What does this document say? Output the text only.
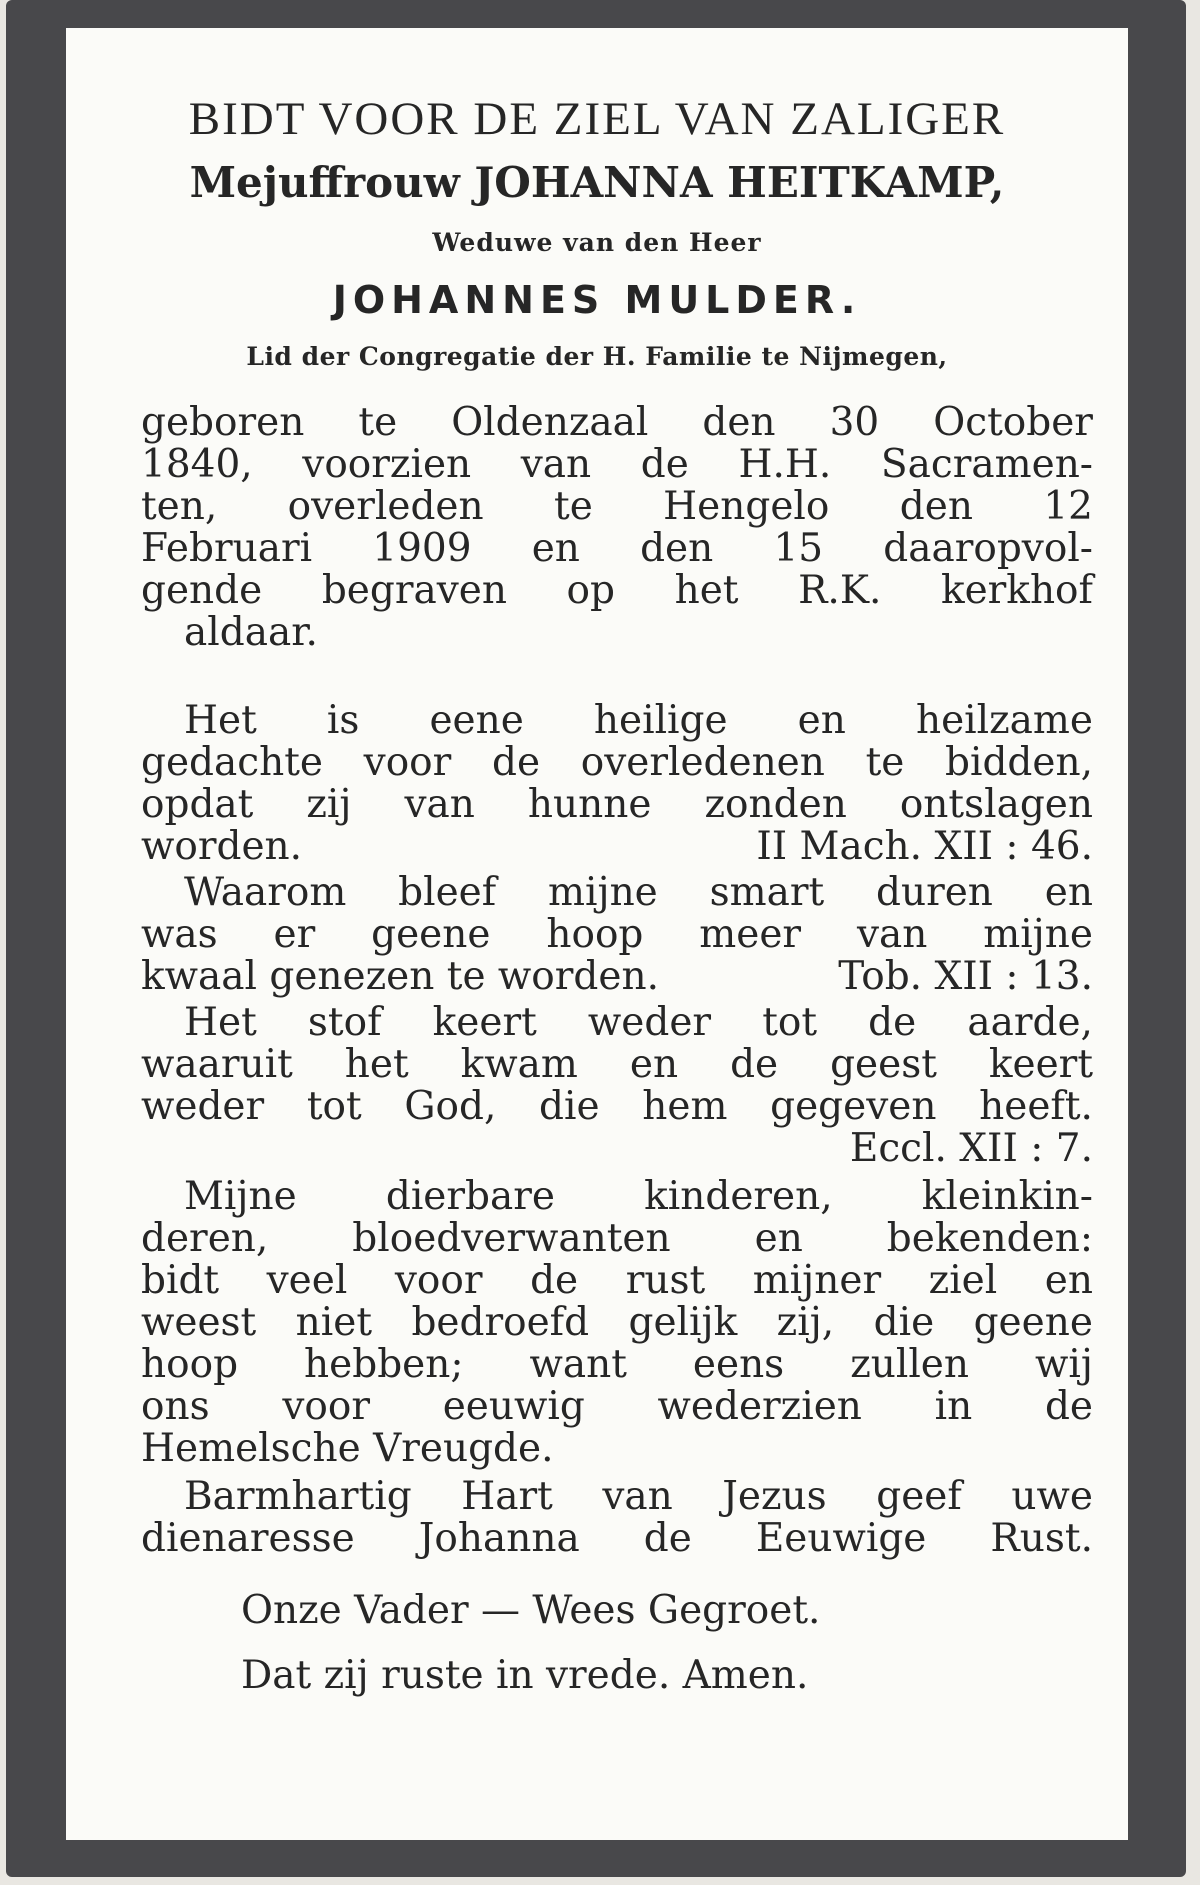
BIDT VOOR DE ZIEL VAN ZALIGER
Mejuffrouw JOHANNA HEITKAMP,
Weduwe van den Heer
JOHANNES MULDER.
Lid der Congregatie der H. Familie te Nijmegen,
geboren te Oldenzaal den 30 October
1840, voorzien van de H.H. Sacramen-
ten, overleden te Hengelo den 12
Februari 1909 en den 15 daaropvol-
gende begraven op het R.K. kerkhof
aldaar.
Het is eene heilige en heilzame
gedachte voor de overledenen te bidden,
opdat zij van hunne zonden ontslagen
worden.	II Mach. XII : 46.
Waarom bleef mijne smart duren en
was er geene hoop meer van mijne
kwaal genezen te worden.	Tob. XII : 13.
Het stof keert weder tot de aarde,
waaruit het kwam en de geest keert
weder tot God, die hem gegeven heeft.
Eccl. XII : 7.
Mijne dierbare kinderen, kleinkin-
deren, bloedverwanten en bekenden:
bidt veel voor de rust mijner ziel en
weest niet bedroefd gelijk zij, die geene
hoop hebben; want eens zullen wij
ons voor eeuwig wederzien in de
Hemelsche Vreugde.
Barmhartig Hart van Jezus geef uwe
dienaresse Johanna de Eeuwige Rust.
Onze Vader — Wees Gegroet.
Dat zij ruste in vrede. Amen.
